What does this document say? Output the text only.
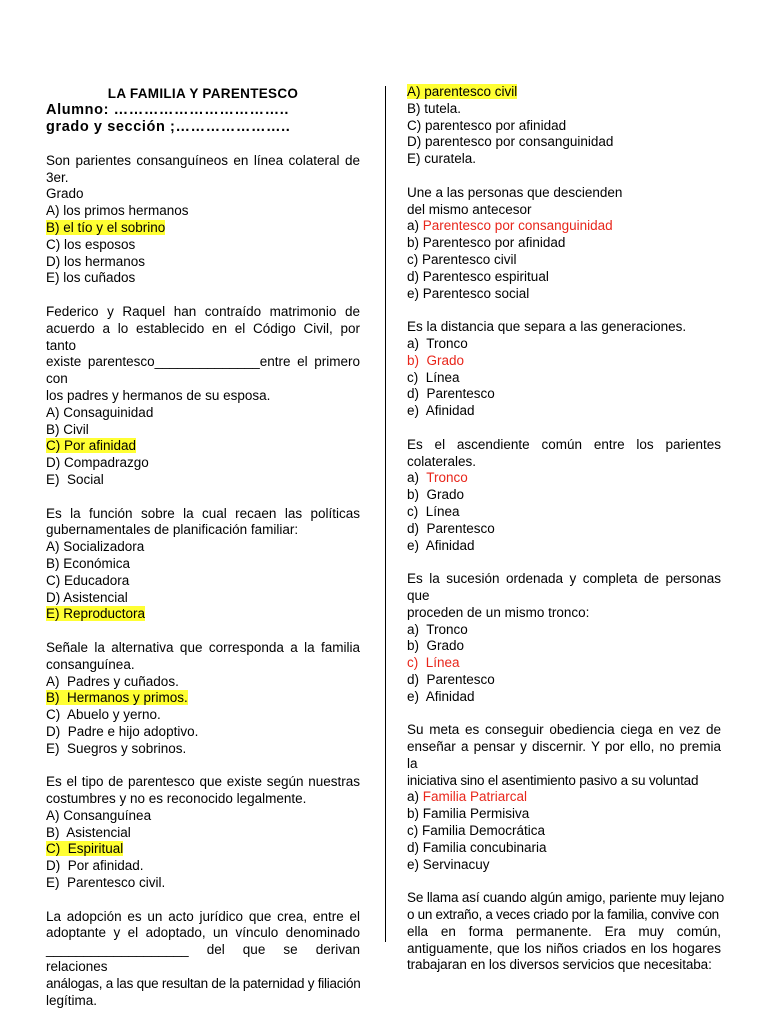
LA FAMILIA Y PARENTESCO

Alumno: ……………………………..

grado y sección ;…………………..

Son parientes consanguíneos en línea colateral de 3er.

Grado

A) los primos hermanos

B) el tío y el sobrino

C) los esposos

D) los hermanos

E) los cuñados

Federico y Raquel han contraído matrimonio de

acuerdo a lo establecido en el Código Civil, por tanto

existe parentesco______________entre el primero con

los padres y hermanos de su esposa.

A) Consaguinidad

B) Civil

C) Por afinidad

D) Compadrazgo

E)  Social

Es la función sobre la cual recaen las políticas

gubernamentales de planificación familiar:

A) Socializadora

B) Económica

C) Educadora

D) Asistencial

E) Reproductora

Señale la alternativa que corresponda a la familia

consanguínea.

A)  Padres y cuñados.

B)  Hermanos y primos.

C)  Abuelo y yerno.

D)  Padre e hijo adoptivo.

E)  Suegros y sobrinos.

Es el tipo de parentesco que existe según nuestras

costumbres y no es reconocido legalmente.

A) Consanguínea

B)  Asistencial

C)  Espiritual

D)  Por afinidad.

E)  Parentesco civil.

La adopción es un acto jurídico que crea, entre el

adoptante y el adoptado, un vínculo denominado

___________________ del que se derivan relaciones

análogas, a las que resultan de la paternidad y filiación

legítima.

A) parentesco civil

B) tutela.

C) parentesco por afinidad

D) parentesco por consanguinidad

E) curatela.

Une a las personas que descienden

del mismo antecesor

a) Parentesco por consanguinidad

b) Parentesco por afinidad

c) Parentesco civil

d) Parentesco espiritual

e) Parentesco social

Es la distancia que separa a las generaciones.

a)  Tronco

b)  Grado

c)  Línea

d)  Parentesco

e)  Afinidad

Es el ascendiente común entre los parientes

colaterales.

a)  Tronco

b)  Grado

c)  Línea

d)  Parentesco

e)  Afinidad

Es la sucesión ordenada y completa de personas que

proceden de un mismo tronco:

a)  Tronco

b)  Grado

c)  Línea

d)  Parentesco

e)  Afinidad

Su meta es conseguir obediencia ciega en vez de

enseñar a pensar y discernir. Y por ello, no premia la

iniciativa sino el asentimiento pasivo a su voluntad

a) Familia Patriarcal

b) Familia Permisiva

c) Familia Democrática

d) Familia concubinaria

e) Servinacuy

Se llama así cuando algún amigo, pariente muy lejano

o un extraño, a veces criado por la familia, convive con

ella en forma permanente. Era muy común,

antiguamente, que los niños criados en los hogares

trabajaran en los diversos servicios que necesitaba:
